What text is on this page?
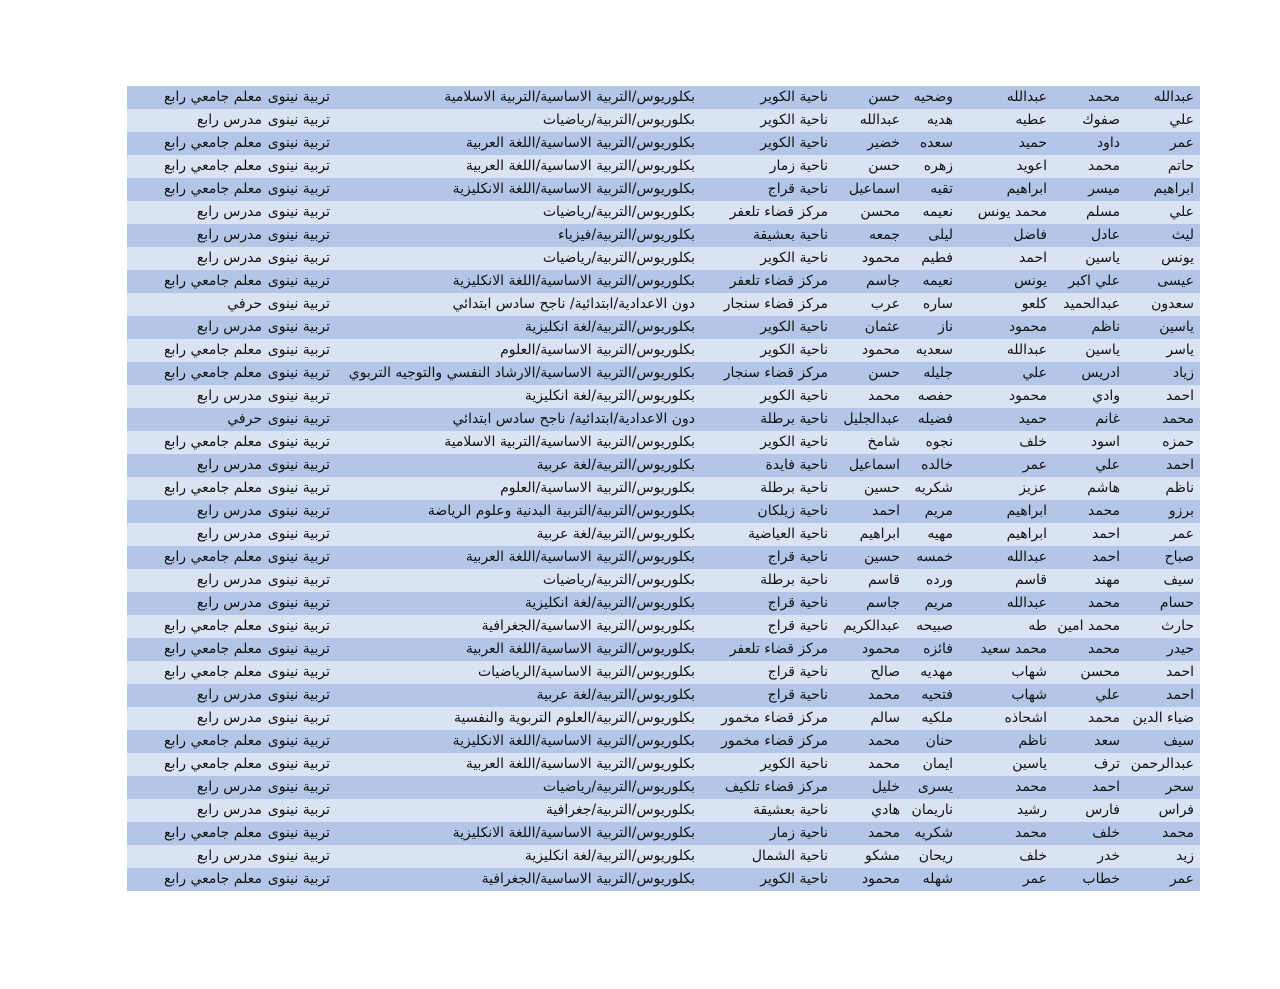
عبدالله
محمد
عبدالله
وضحيه
حسن
ناحية الكوير
بكلوريوس/التربية الاساسية/التربية الاسلامية
تربية نينوى
معلم جامعي رابع
علي
صفوك
عطيه
هديه
عبدالله
ناحية الكوير
بكلوريوس/التربية/رياضيات
تربية نينوى
مدرس رابع
عمر
داود
حميد
سعده
خضير
ناحية الكوير
بكلوريوس/التربية الاساسية/اللغة العربية
تربية نينوى
معلم جامعي رابع
حاتم
محمد
اعويد
زهره
حسن
ناحية زمار
بكلوريوس/التربية الاساسية/اللغة العربية
تربية نينوى
معلم جامعي رابع
ابراهيم
ميسر
ابراهيم
تقيه
اسماعيل
ناحية قراج
بكلوريوس/التربية الاساسية/اللغة الانكليزية
تربية نينوى
معلم جامعي رابع
علي
مسلم
محمد يونس
نعيمه
محسن
مركز قضاء تلعفر
بكلوريوس/التربية/رياضيات
تربية نينوى
مدرس رابع
ليث
عادل
فاضل
ليلى
جمعه
ناحية بعشيقة
بكلوريوس/التربية/فيزياء
تربية نينوى
مدرس رابع
يونس
ياسين
احمد
فطيم
محمود
ناحية الكوير
بكلوريوس/التربية/رياضيات
تربية نينوى
مدرس رابع
عيسى
علي اكبر
يونس
نعيمه
جاسم
مركز قضاء تلعفر
بكلوريوس/التربية الاساسية/اللغة الانكليزية
تربية نينوى
معلم جامعي رابع
سعدون
عبدالحميد
كلعو
ساره
عرب
مركز قضاء سنجار
دون الاعدادية/ابتدائية/ ناجح سادس ابتدائي
تربية نينوى
حرفي
ياسين
ناظم
محمود
ناز
عثمان
ناحية الكوير
بكلوريوس/التربية/لغة انكليزية
تربية نينوى
مدرس رابع
ياسر
ياسين
عبدالله
سعديه
محمود
ناحية الكوير
بكلوريوس/التربية الاساسية/العلوم
تربية نينوى
معلم جامعي رابع
زياد
ادريس
علي
جليله
حسن
مركز قضاء سنجار
بكلوريوس/التربية الاساسية/الارشاد النفسي والتوجيه التربوي
تربية نينوى
معلم جامعي رابع
احمد
وادي
محمود
حفصه
محمد
ناحية الكوير
بكلوريوس/التربية/لغة انكليزية
تربية نينوى
مدرس رابع
محمد
غانم
حميد
فضيله
عبدالجليل
ناحية برطلة
دون الاعدادية/ابتدائية/ ناجح سادس ابتدائي
تربية نينوى
حرفي
حمزه
اسود
خلف
نجوه
شامخ
ناحية الكوير
بكلوريوس/التربية الاساسية/التربية الاسلامية
تربية نينوى
معلم جامعي رابع
احمد
علي
عمر
خالده
اسماعيل
ناحية فايدة
بكلوريوس/التربية/لغة عربية
تربية نينوى
مدرس رابع
ناظم
هاشم
عزيز
شكريه
حسين
ناحية برطلة
بكلوريوس/التربية الاساسية/العلوم
تربية نينوى
معلم جامعي رابع
برزو
محمد
ابراهيم
مريم
احمد
ناحية زيلكان
بكلوريوس/التربية/التربية البدنية وعلوم الرياضة
تربية نينوى
مدرس رابع
عمر
احمد
ابراهيم
مهيه
ابراهيم
ناحية العياضية
بكلوريوس/التربية/لغة عربية
تربية نينوى
مدرس رابع
صباح
احمد
عبدالله
خمسه
حسين
ناحية قراج
بكلوريوس/التربية الاساسية/اللغة العربية
تربية نينوى
معلم جامعي رابع
سيف
مهند
قاسم
ورده
قاسم
ناحية برطلة
بكلوريوس/التربية/رياضيات
تربية نينوى
مدرس رابع
حسام
محمد
عبدالله
مريم
جاسم
ناحية قراج
بكلوريوس/التربية/لغة انكليزية
تربية نينوى
مدرس رابع
حارث
محمد امين
طه
صبيحه
عبدالكريم
ناحية قراج
بكلوريوس/التربية الاساسية/الجغرافية
تربية نينوى
معلم جامعي رابع
حيدر
محمد
محمد سعيد
فائزه
محمود
مركز قضاء تلعفر
بكلوريوس/التربية الاساسية/اللغة العربية
تربية نينوى
معلم جامعي رابع
احمد
محسن
شهاب
مهديه
صالح
ناحية قراج
بكلوريوس/التربية الاساسية/الرياضيات
تربية نينوى
معلم جامعي رابع
احمد
علي
شهاب
فتحيه
محمد
ناحية قراج
بكلوريوس/التربية/لغة عربية
تربية نينوى
مدرس رابع
ضياء الدين
محمد
اشحاذه
ملكيه
سالم
مركز قضاء مخمور
بكلوريوس/التربية/العلوم التربوية والنفسية
تربية نينوى
مدرس رابع
سيف
سعد
ناظم
حنان
محمد
مركز قضاء مخمور
بكلوريوس/التربية الاساسية/اللغة الانكليزية
تربية نينوى
معلم جامعي رابع
عبدالرحمن
ترف
ياسين
ايمان
محمد
ناحية الكوير
بكلوريوس/التربية الاساسية/اللغة العربية
تربية نينوى
معلم جامعي رابع
سحر
احمد
محمد
يسرى
خليل
مركز قضاء تلكيف
بكلوريوس/التربية/رياضيات
تربية نينوى
مدرس رابع
فراس
فارس
رشيد
ناريمان
هادي
ناحية بعشيقة
بكلوريوس/التربية/جغرافية
تربية نينوى
مدرس رابع
محمد
خلف
محمد
شكريه
محمد
ناحية زمار
بكلوريوس/التربية الاساسية/اللغة الانكليزية
تربية نينوى
معلم جامعي رابع
زيد
خدر
خلف
ريحان
مشكو
ناحية الشمال
بكلوريوس/التربية/لغة انكليزية
تربية نينوى
مدرس رابع
عمر
خطاب
عمر
شهله
محمود
ناحية الكوير
بكلوريوس/التربية الاساسية/الجغرافية
تربية نينوى
معلم جامعي رابع
